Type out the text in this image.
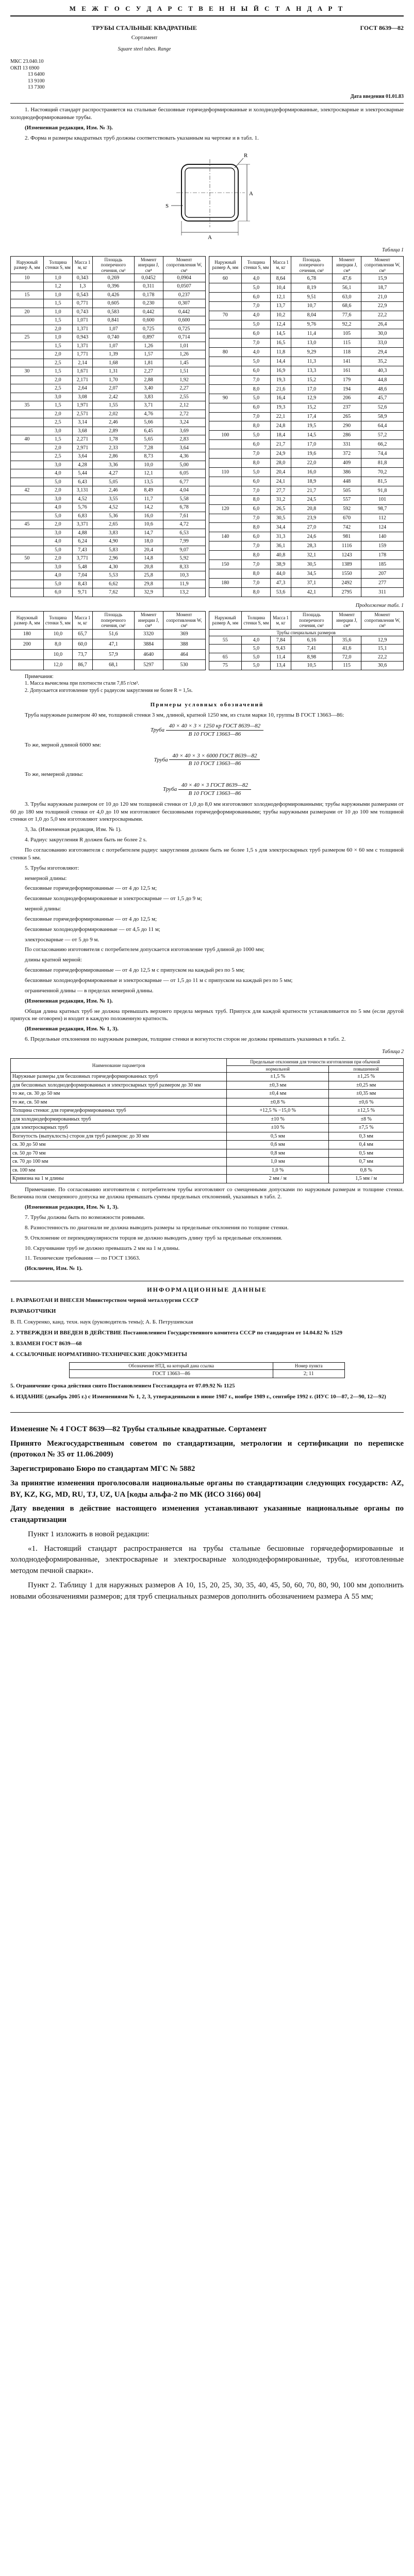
М Е Ж Г О С У Д А Р С Т В Е Н Н Ы Й С Т А Н Д А Р Т
ТРУБЫ СТАЛЬНЫЕ КВАДРАТНЫЕ
Сортамент
Square steel tubes. Range
ГОСТ 8639—82
МКС 23.040.10
ОКП 13 6900
13 6400
13 9100
13 7300
Дата введения 01.01.83

1. Настоящий стандарт распространяется на стальные бесшовные горячедеформированные и холоднодеформированные, электросварные и электросварные холоднодеформированные трубы.

(Измененная редакция, Изм. № 3).

2. Форма и размеры квадратных труб должны соответствовать указанным на чертеже и в табл. 1.

A
A
R
S
Таблица 1
Наружный размер A, мм	Толщина стенки S, мм	Масса 1 м, кг	Площадь поперечного сечения, см²	Момент инерции J, см⁴	Момент сопротивления W, см³
10	1,0	0,343	0,269	0,0452	0,0904
	1,2	1,3	0,396	0,311	0,0507
15	1,0	0,543	0,426	0,178	0,237
	1,5	0,771	0,605	0,230	0,307
20	1,0	0,743	0,583	0,442	0,442
	1,5	1,071	0,841	0,600	0,600
	2,0	1,371	1,07	0,725	0,725
25	1,0	0,943	0,740	0,897	0,714
	1,5	1,371	1,07	1,26	1,01
	2,0	1,771	1,39	1,57	1,26
	2,5	2,14	1,68	1,81	1,45
30	1,5	1,671	1,31	2,27	1,51
	2,0	2,171	1,70	2,88	1,92
	2,5	2,64	2,07	3,40	2,27
	3,0	3,08	2,42	3,83	2,55
35	1,5	1,971	1,55	3,71	2,12
	2,0	2,571	2,02	4,76	2,72
	2,5	3,14	2,46	5,66	3,24
	3,0	3,68	2,89	6,45	3,69
40	1,5	2,271	1,78	5,65	2,83
	2,0	2,971	2,33	7,28	3,64
	2,5	3,64	2,86	8,73	4,36
	3,0	4,28	3,36	10,0	5,00
	4,0	5,44	4,27	12,1	6,05
	5,0	6,43	5,05	13,5	6,77
42	2,0	3,131	2,46	8,49	4,04
	3,0	4,52	3,55	11,7	5,58
	4,0	5,76	4,52	14,2	6,78
	5,0	6,83	5,36	16,0	7,61
45	2,0	3,371	2,65	10,6	4,72
	3,0	4,88	3,83	14,7	6,53
	4,0	6,24	4,90	18,0	7,99
	5,0	7,43	5,83	20,4	9,07
50	2,0	3,771	2,96	14,8	5,92
	3,0	5,48	4,30	20,8	8,33
	4,0	7,04	5,53	25,8	10,3
	5,0	8,43	6,62	29,8	11,9
	6,0	9,71	7,62	32,9	13,2
Наружный размер A, мм	Толщина стенки S, мм	Масса 1 м, кг	Площадь поперечного сечения, см²	Момент инерции J, см⁴	Момент сопротивления W, см³
60	4,0	8,64	6,78	47,6	15,9
	5,0	10,4	8,19	56,1	18,7
	6,0	12,1	9,51	63,0	21,0
	7,0	13,7	10,7	68,6	22,9
70	4,0	10,2	8,04	77,6	22,2
	5,0	12,4	9,76	92,2	26,4
	6,0	14,5	11,4	105	30,0
	7,0	16,5	13,0	115	33,0
80	4,0	11,8	9,29	118	29,4
	5,0	14,4	11,3	141	35,2
	6,0	16,9	13,3	161	40,3
	7,0	19,3	15,2	179	44,8
	8,0	21,6	17,0	194	48,6
90	5,0	16,4	12,9	206	45,7
	6,0	19,3	15,2	237	52,6
	7,0	22,1	17,4	265	58,9
	8,0	24,8	19,5	290	64,4
100	5,0	18,4	14,5	286	57,2
	6,0	21,7	17,0	331	66,2
	7,0	24,9	19,6	372	74,4
	8,0	28,0	22,0	409	81,8
110	5,0	20,4	16,0	386	70,2
	6,0	24,1	18,9	448	81,5
	7,0	27,7	21,7	505	91,8
	8,0	31,2	24,5	557	101
120	6,0	26,5	20,8	592	98,7
	7,0	30,5	23,9	670	112
	8,0	34,4	27,0	742	124
140	6,0	31,3	24,6	981	140
	7,0	36,1	28,3	1116	159
	8,0	40,8	32,1	1243	178
150	7,0	38,9	30,5	1389	185
	8,0	44,0	34,5	1550	207
180	7,0	47,3	37,1	2492	277
	8,0	53,6	42,1	2795	311
Продолжение табл. 1
Наружный размер A, мм	Толщина стенки S, мм	Масса 1 м, кг	Площадь поперечного сечения, см²	Момент инерции J, см⁴	Момент сопротивления W, см³
180	10,0	65,7	51,6	3320	369
200	8,0	60,0	47,1	3884	388
	10,0	73,7	57,9	4640	464
	12,0	86,7	68,1	5297	530
Наружный размер A, мм	Толщина стенки S, мм	Масса 1 м, кг	Площадь поперечного сечения, см²	Момент инерции J, см⁴	Момент сопротивления W, см³
Трубы специальных размеров					
55	4,0	7,84	6,16	35,6	12,9
	5,0	9,43	7,41	41,6	15,1
65	5,0	11,4	8,98	72,0	22,2
75	5,0	13,4	10,5	115	30,6

Примечания:

1. Масса вычислена при плотности стали 7,85 г/см³.

2. Допускается изготовление труб с радиусом закругления не более R = 1,5s.

Примеры условных обозначений

Труба наружным размером 40 мм, толщиной стенки 3 мм, длиной, кратной 1250 мм, из стали марки 10, группы В ГОСТ 13663—86:

Труба $\frac{\text{40 × 40 × 3 × 1250 кр ГОСТ 8639—82}}{\text{В 10 ГОСТ 13663—86}}$

То же, мерной длиной 6000 мм:

Труба $\frac{\text{40 × 40 × 3 × 6000 ГОСТ 8639—82}}{\text{В 10 ГОСТ 13663—86}}$

То же, немерной длины:

Труба $\frac{\text{40 × 40 × 3 ГОСТ 8639—82}}{\text{В 10 ГОСТ 13663—86}}$

3. Трубы наружным размером от 10 до 120 мм толщиной стенки от 1,0 до 8,0 мм изготовляют холоднодеформированными; трубы наружными размерами от 60 до 180 мм толщиной стенки от 4,0 до 10 мм изготовляют бесшовными горячедеформированными; трубы наружными размерами от 10 до 100 мм толщиной стенки от 1,0 до 5,0 мм изготовляют электросварными.

3, 3а. (Измененная редакция, Изм. № 1).

4. Радиус закругления R должен быть не более 2 s.

По согласованию изготовителя с потребителем радиус закругления должен быть не более 1,5 s для электросварных труб размером 60 × 60 мм с толщиной стенки 5 мм.

5. Трубы изготовляют:

немерной длины:

бесшовные горячедеформированные — от 4 до 12,5 м;

бесшовные холоднодеформированные и электросварные — от 1,5 до 9 м;

мерной длины:

бесшовные горячедеформированные — от 4 до 12,5 м;

бесшовные холоднодеформированные — от 4,5 до 11 м;

электросварные — от 5 до 9 м.

По согласованию изготовителя с потребителем допускается изготовление труб длиной до 1000 мм;

длины кратной мерной:

бесшовные горячедеформированные — от 4 до 12,5 м с припуском на каждый рез по 5 мм;

бесшовные холоднодеформированные и электросварные — от 1,5 до 11 м с припуском на каждый рез по 5 мм;

ограниченной длины — в пределах немерной длины.

(Измененная редакция, Изм. № 1).

Общая длина кратных труб не должна превышать верхнего предела мерных труб. Припуск для каждой кратности устанавливается по 5 мм (если другой припуск не оговорен) и входит в каждую положенную кратность.

(Измененная редакция, Изм. № 1, 3).

6. Предельные отклонения по наружным размерам, толщине стенки и вогнутости сторон не должны превышать указанных в табл. 2.

Таблица 2
Наименование параметров	Предельные отклонения для точности изготовления при обычной	
	нормальной	повышенной
Наружные размеры для бесшовных горячедеформированных труб	±1,5 %	±1,25 %
для бесшовных холоднодеформированных и электросварных труб размером до 30 мм	±0,3 мм	±0,25 мм
то же, св. 30 до 50 мм	±0,4 мм	±0,35 мм
то же, св. 50 мм	±0,8 %	±0,6 %
Толщина стенки: для горячедеформированных труб	+12,5 % −15,0 %	±12,5 %
для холоднодеформированных труб	±10 %	±8 %
для электросварных труб	±10 %	±7,5 %
Вогнутость (выпуклость) сторон для труб размером: до 30 мм	0,5 мм	0,3 мм
св. 30 до 50 мм	0,6 мм	0,4 мм
св. 50 до 70 мм	0,8 мм	0,5 мм
св. 70 до 100 мм	1,0 мм	0,7 мм
св. 100 мм	1,0 %	0,8 %
Кривизна на 1 м длины	2 мм / м	1,5 мм / м

Примечание. По согласованию изготовителя с потребителем трубы изготовляют со смещенными допусками по наружным размерам и толщине стенки. Величина поля смещенного допуска не должна превышать суммы предельных отклонений, указанных в табл. 2.

(Измененная редакция, Изм. № 1, 3).

7. Трубы должны быть по возможности ровными.

8. Разностенность по диагонали не должна выводить размеры за предельные отклонения по толщине стенки.

9. Отклонение от перпендикулярности торцов не должно выводить длину труб за предельные отклонения.

10. Скручивание труб не должно превышать 2 мм на 1 м длины.

11. Технические требования — по ГОСТ 13663.

(Исключен, Изм. № 1).

ИНФОРМАЦИОННЫЕ ДАННЫЕ

1. РАЗРАБОТАН И ВНЕСЕН Министерством черной металлургии СССР

РАЗРАБОТЧИКИ

В. П. Сокуренко, канд. техн. наук (руководитель темы); А. Б. Петрушевская

2. УТВЕРЖДЕН И ВВЕДЕН В ДЕЙСТВИЕ Постановлением Государственного комитета СССР по стандартам от 14.04.82 № 1529

3. ВЗАМЕН ГОСТ 8639—68

4. ССЫЛОЧНЫЕ НОРМАТИВНО-ТЕХНИЧЕСКИЕ ДОКУМЕНТЫ

Обозначение НТД, на который дана ссылка	Номер пункта
ГОСТ 13663—86	2; 11

5. Ограничение срока действия снято Постановлением Госстандарта от 07.09.92 № 1125

6. ИЗДАНИЕ (декабрь 2005 г.) с Изменениями № 1, 2, 3, утвержденными в июне 1987 г., ноябре 1989 г., сентябре 1992 г. (ИУС 10—87, 2—90, 12—92)

Изменение № 4 ГОСТ 8639—82 Трубы стальные квадратные. Сортамент

Принято Межгосударственным советом по стандартизации, метрологии и сертификации по переписке (протокол № 35 от 11.06.2009)

Зарегистрировано Бюро по стандартам МГС № 5882

За принятие изменения проголосовали национальные органы по стандартизации следующих государств: AZ, BY, KZ, KG, MD, RU, TJ, UZ, UA [коды альфа-2 по МК (ИСО 3166) 004]

Дату введения в действие настоящего изменения устанавливают указанные национальные органы по стандартизации

Пункт 1 изложить в новой редакции:

«1. Настоящий стандарт распространяется на трубы стальные бесшовные горячедеформированные и холоднодеформированные, электросварные и электросварные холоднодеформированные, трубы, изготовленные методом печной сварки».

Пункт 2. Таблицу 1 для наружных размеров А 10, 15, 20, 25, 30, 35, 40, 45, 50, 60, 70, 80, 90, 100 мм дополнить новыми обозначениями размеров; для труб специальных размеров дополнить обозначением размера А 55 мм;
